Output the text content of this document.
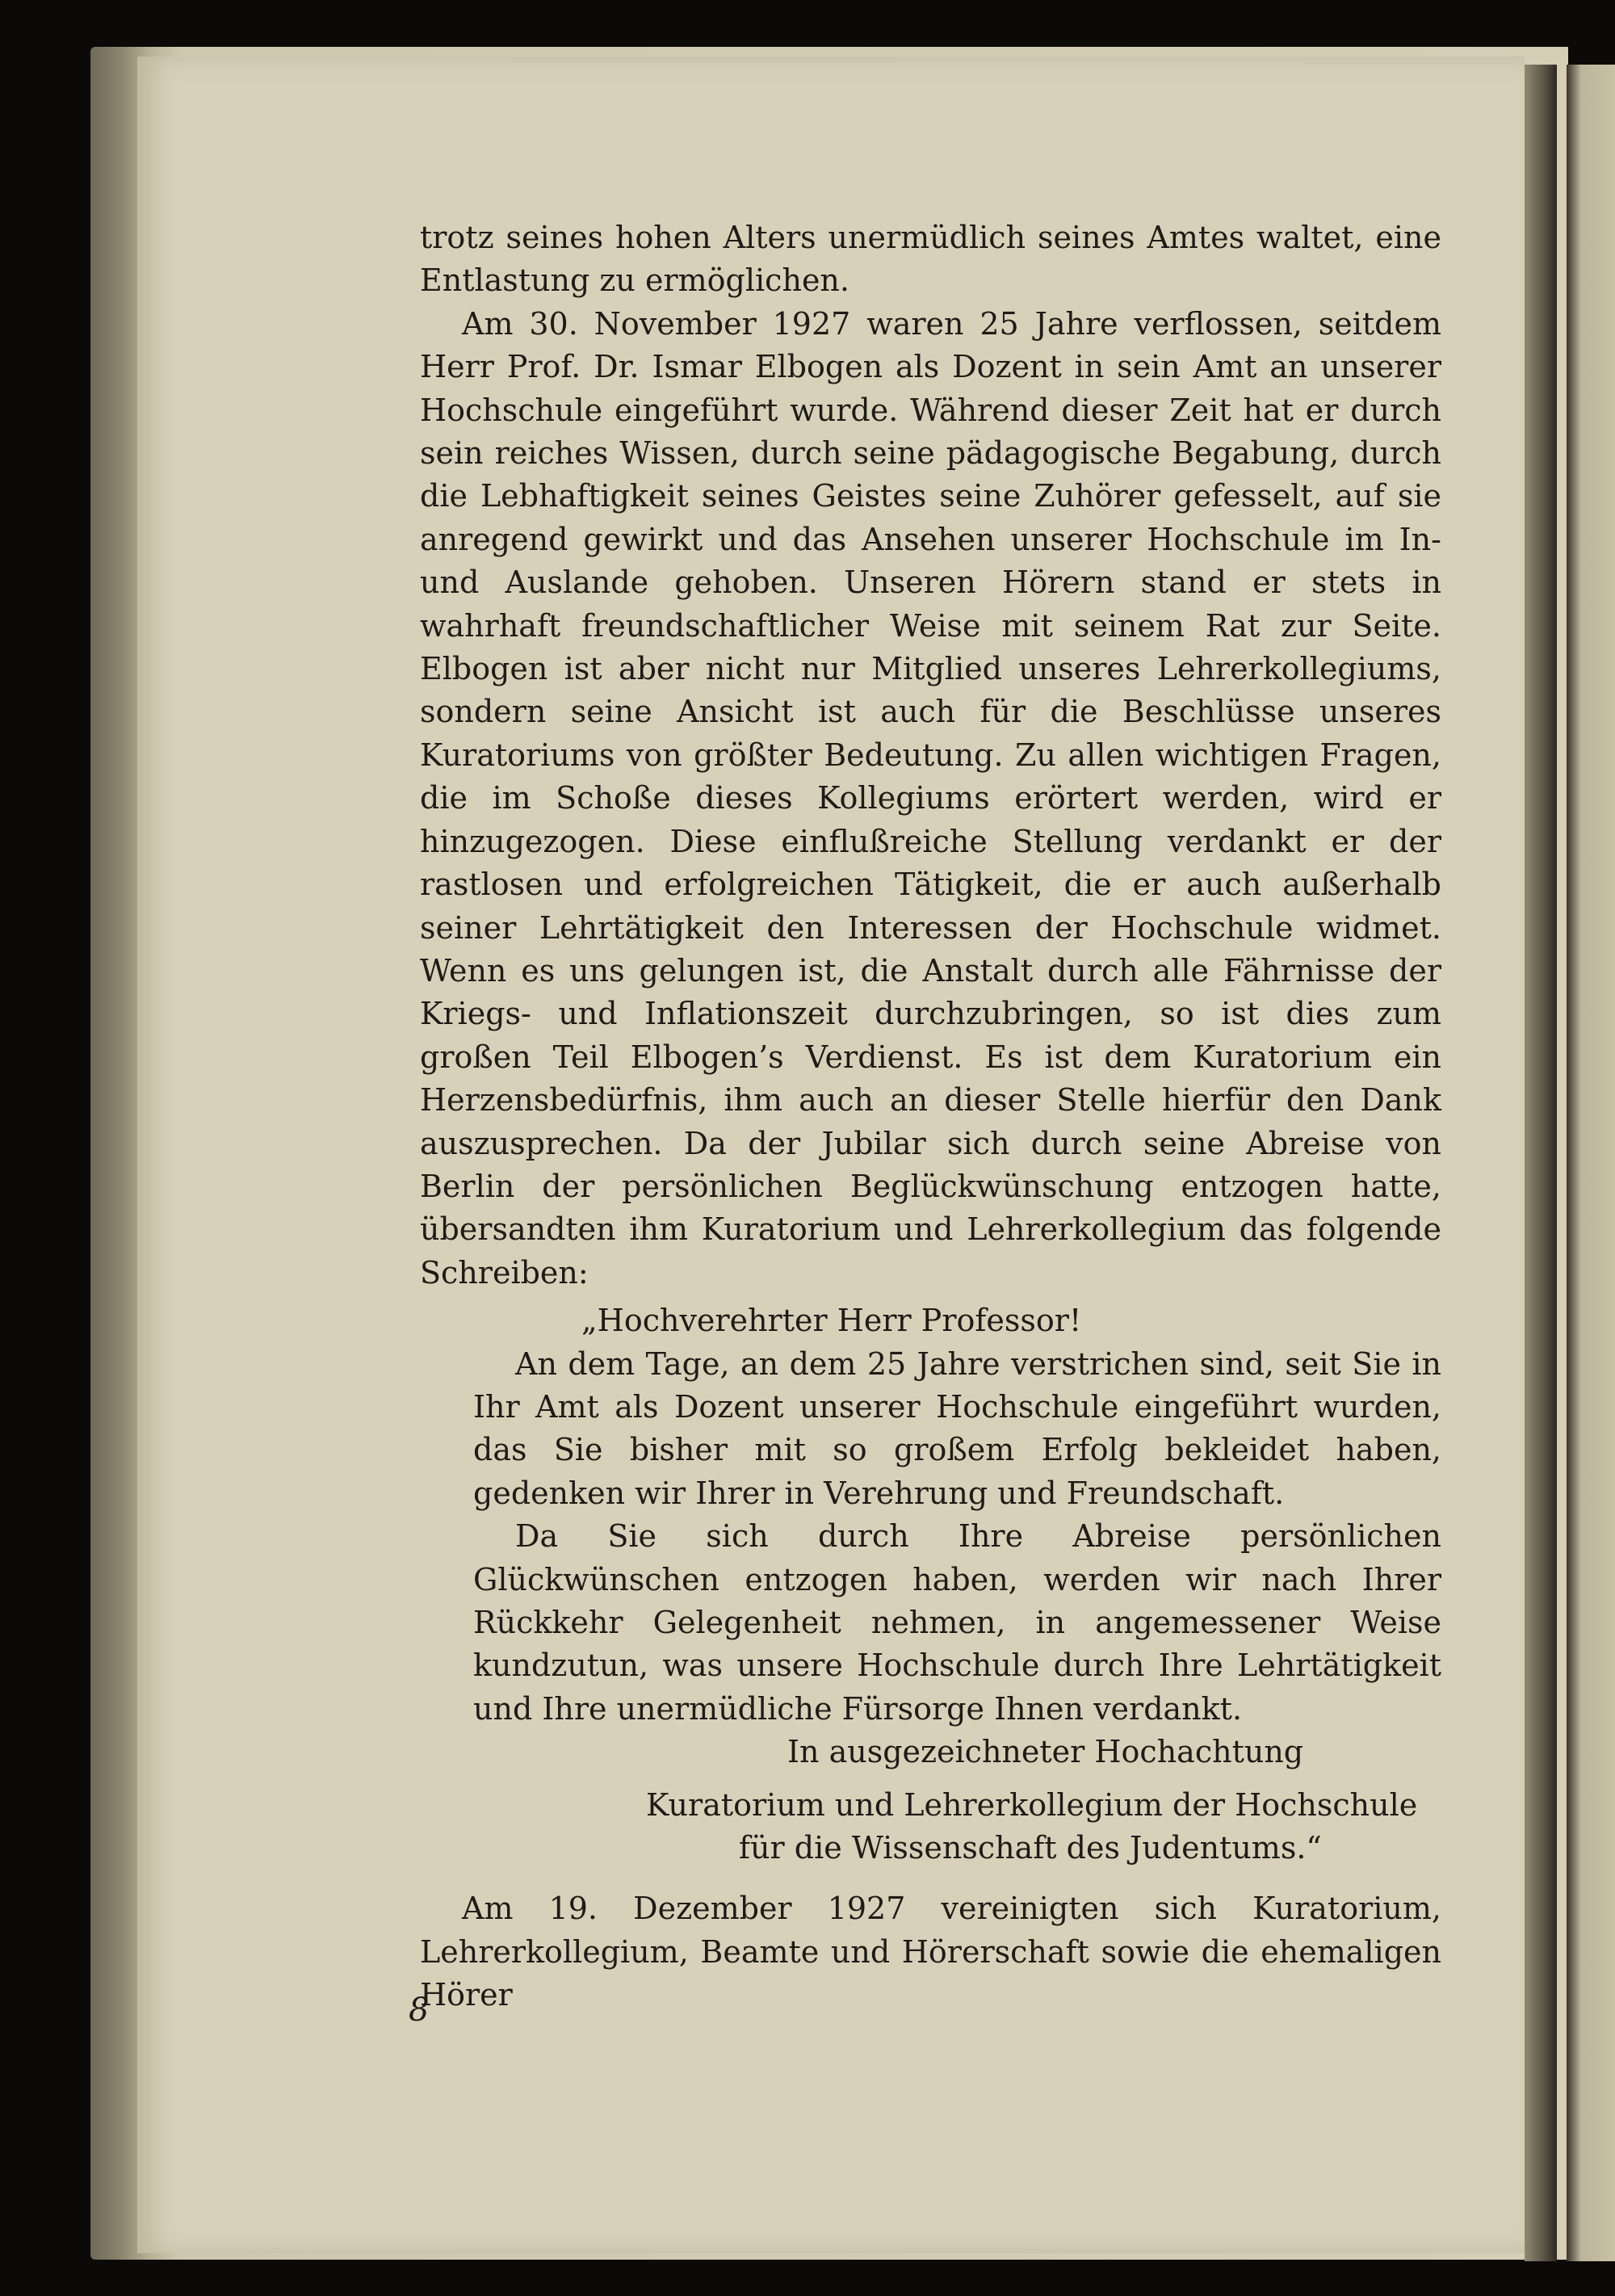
trotz seines hohen Alters unermüdlich seines Amtes waltet, eine Entlastung zu ermöglichen.

Am 30. November 1927 waren 25 Jahre verflossen, seitdem Herr Prof. Dr. Ismar Elbogen als Dozent in sein Amt an unserer Hochschule eingeführt wurde. Während dieser Zeit hat er durch sein reiches Wissen, durch seine pädagogische Begabung, durch die Lebhaftigkeit seines Geistes seine Zuhörer gefesselt, auf sie anregend gewirkt und das Ansehen unserer Hochschule im In- und Auslande gehoben. Unseren Hörern stand er stets in wahrhaft freundschaftlicher Weise mit seinem Rat zur Seite. Elbogen ist aber nicht nur Mitglied unseres Lehrerkollegiums, sondern seine Ansicht ist auch für die Beschlüsse unseres Kuratoriums von größter Bedeutung. Zu allen wichtigen Fragen, die im Schoße dieses Kollegiums erörtert werden, wird er hinzugezogen. Diese einflußreiche Stellung verdankt er der rastlosen und erfolgreichen Tätigkeit, die er auch außerhalb seiner Lehrtätigkeit den Interessen der Hochschule widmet. Wenn es uns gelungen ist, die Anstalt durch alle Fährnisse der Kriegs- und Inflationszeit durchzubringen, so ist dies zum großen Teil Elbogen’s Verdienst. Es ist dem Kuratorium ein Herzensbedürfnis, ihm auch an dieser Stelle hierfür den Dank auszusprechen. Da der Jubilar sich durch seine Abreise von Berlin der persönlichen Beglückwünschung entzogen hatte, übersandten ihm Kuratorium und Lehrerkollegium das folgende Schreiben:

„Hochverehrter Herr Professor!

An dem Tage, an dem 25 Jahre verstrichen sind, seit Sie in Ihr Amt als Dozent unserer Hochschule eingeführt wurden, das Sie bisher mit so großem Erfolg bekleidet haben, gedenken wir Ihrer in Verehrung und Freundschaft.

Da Sie sich durch Ihre Abreise persönlichen Glückwünschen entzogen haben, werden wir nach Ihrer Rückkehr Gelegenheit nehmen, in angemessener Weise kundzutun, was unsere Hochschule durch Ihre Lehrtätigkeit und Ihre unermüdliche Fürsorge Ihnen verdankt.

In ausgezeichneter Hochachtung

Kuratorium und Lehrerkollegium der Hochschule

für die Wissenschaft des Judentums.“

Am 19. Dezember 1927 vereinigten sich Kuratorium, Lehrerkollegium, Beamte und Hörerschaft sowie die ehemaligen Hörer

8
